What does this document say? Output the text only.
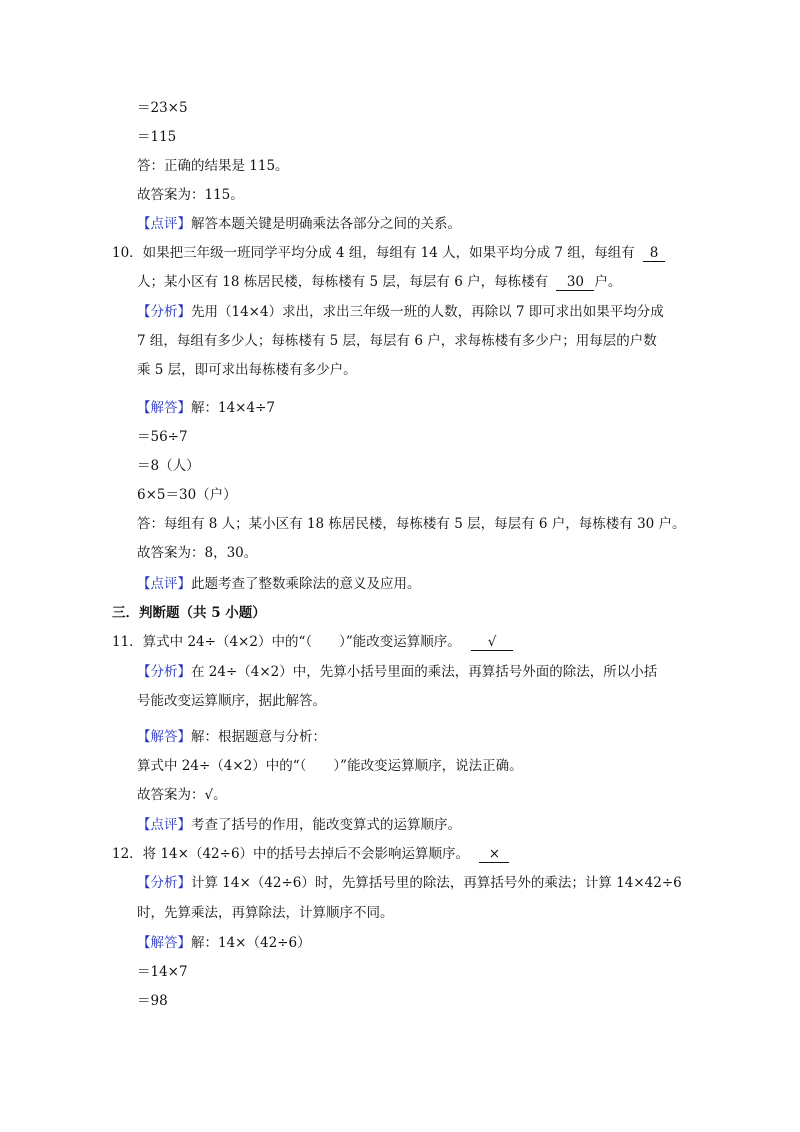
＝23×5
＝115
答：正确的结果是 115。
故答案为：115。
【点评】解答本题关键是明确乘法各部分之间的关系。
10．如果把三年级一班同学平均分成 4 组，每组有 14 人，如果平均分成 7 组，每组有 8
人；某小区有 18 栋居民楼，每栋楼有 5 层，每层有 6 户，每栋楼有 30 户。
【分析】先用（14×4）求出，求出三年级一班的人数，再除以 7 即可求出如果平均分成
7 组，每组有多少人；每栋楼有 5 层，每层有 6 户，求每栋楼有多少户；用每层的户数
乘 5 层，即可求出每栋楼有多少户。
【解答】解：14×4÷7
＝56÷7
＝8（人）
6×5＝30（户）
答：每组有 8 人；某小区有 18 栋居民楼，每栋楼有 5 层，每层有 6 户，每栋楼有 30 户。
故答案为：8，30。
【点评】此题考查了整数乘除法的意义及应用。
三．判断题（共 5 小题）
11．算式中 24÷（4×2）中的“（　　）”能改变运算顺序。 √
【分析】在 24÷（4×2）中，先算小括号里面的乘法，再算括号外面的除法，所以小括
号能改变运算顺序，据此解答。
【解答】解：根据题意与分析：
算式中 24÷（4×2）中的“（　　）”能改变运算顺序，说法正确。
故答案为：√。
【点评】考查了括号的作用，能改变算式的运算顺序。
12．将 14×（42÷6）中的括号去掉后不会影响运算顺序。 ×
【分析】计算 14×（42÷6）时，先算括号里的除法，再算括号外的乘法；计算 14×42÷6
时，先算乘法，再算除法，计算顺序不同。
【解答】解：14×（42÷6）
＝14×7
＝98
